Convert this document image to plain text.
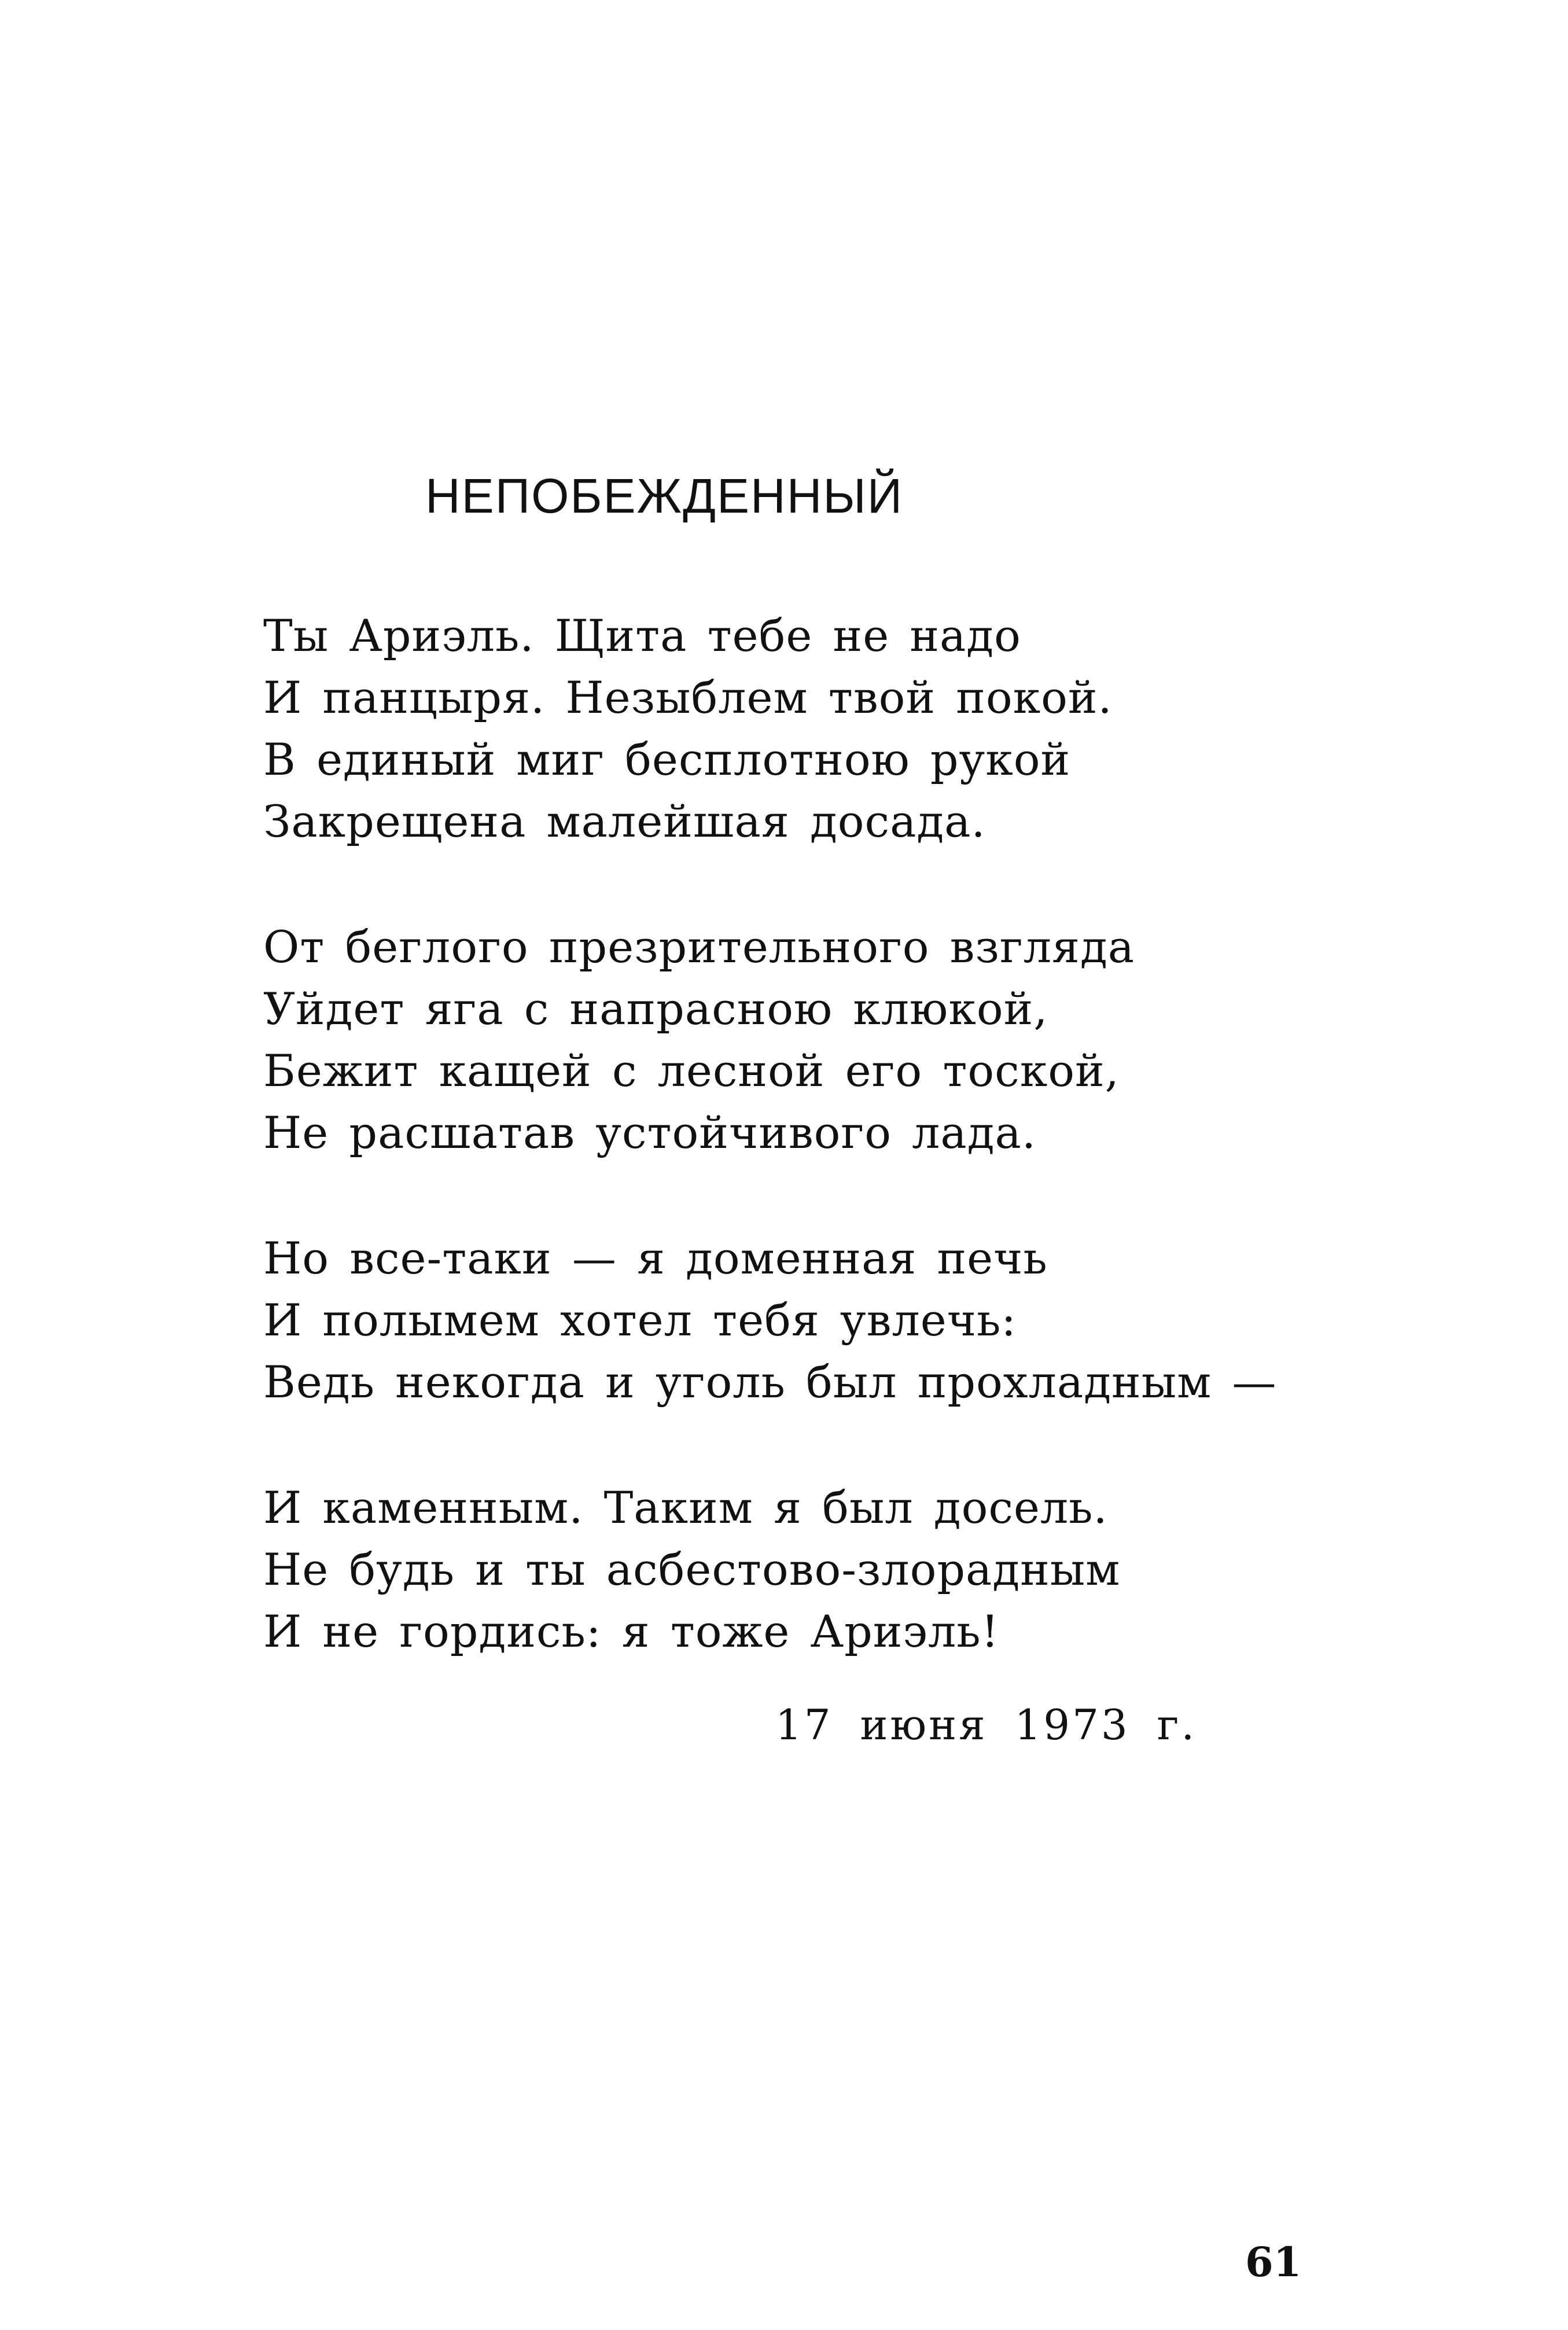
НЕПОБЕЖДЕННЫЙ
Ты Ариэль. Щита тебе не надо
И панцыря. Незыблем твой покой.
В единый миг бесплотною рукой
Закрещена малейшая досада.
От беглого презрительного взгляда
Уйдет яга с напрасною клюкой,
Бежит кащей с лесной его тоской,
Не расшатав устойчивого лада.
Но все-таки — я доменная печь
И полымем хотел тебя увлечь:
Ведь некогда и уголь был прохладным —
И каменным. Таким я был досель.
Не будь и ты асбестово-злорадным
И не гордись: я тоже Ариэль!
17 июня 1973 г.
61
